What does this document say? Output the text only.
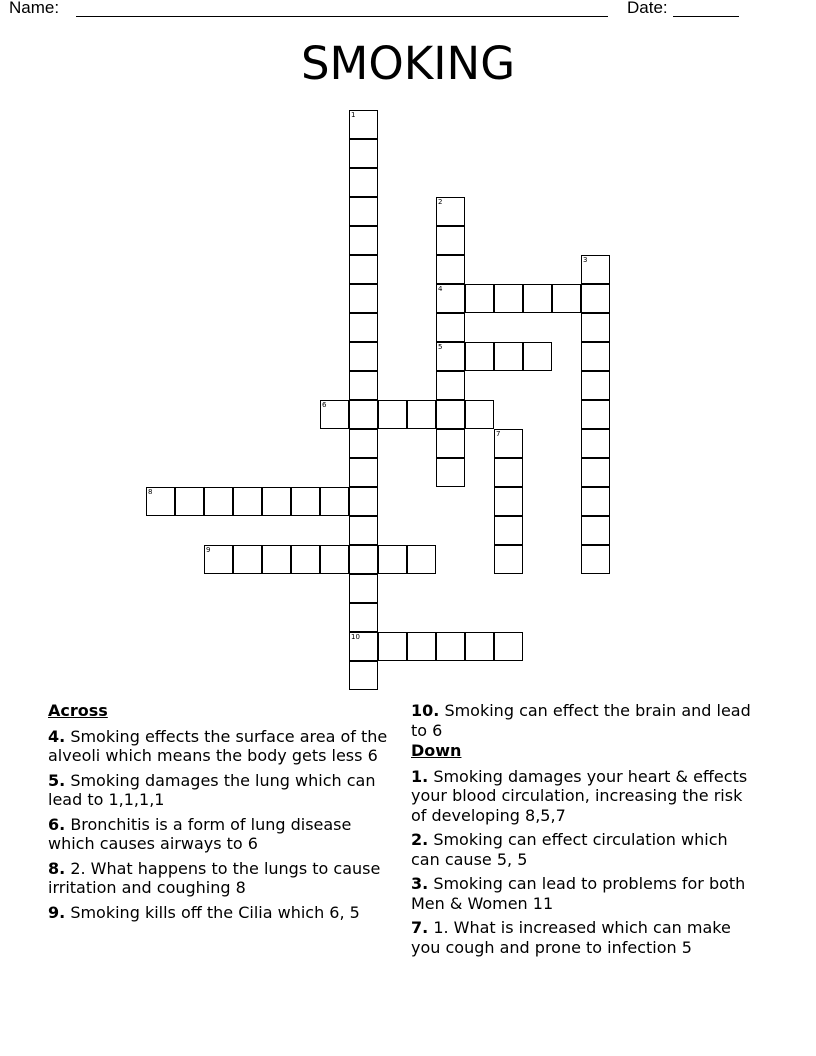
Name:	Date:
SMOKING
1
10
2
4
5
3
6
7
8
9
Across
4. Smoking effects the surface area of the alveoli which means the body gets less 6
5. Smoking damages the lung which can lead to 1,1,1,1
6. Bronchitis is a form of lung disease which causes airways to 6
8. 2. What happens to the lungs to cause irritation and coughing 8
9. Smoking kills off the Cilia which 6, 5
10. Smoking can effect the brain and lead to 6
Down
1. Smoking damages your heart & effects your blood circulation, increasing the risk of developing 8,5,7
2. Smoking can effect circulation which can cause 5, 5
3. Smoking can lead to problems for both Men & Women 11
7. 1. What is increased which can make you cough and prone to infection 5
